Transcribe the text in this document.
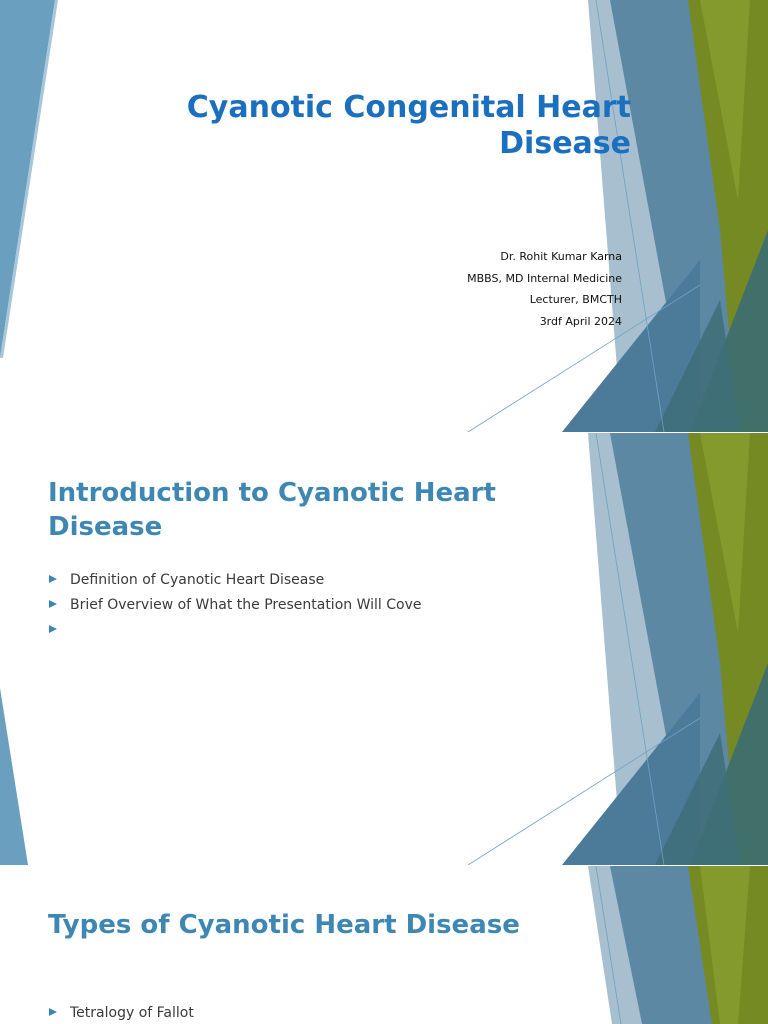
Cyanotic Congenital Heart Disease
Dr. Rohit Kumar Karna
MBBS, MD Internal Medicine
Lecturer, BMCTH
3rdf April 2024
Introduction to Cyanotic Heart Disease
Definition of Cyanotic Heart Disease
Brief Overview of What the Presentation Will Cove
Types of Cyanotic Heart Disease
Tetralogy of Fallot
